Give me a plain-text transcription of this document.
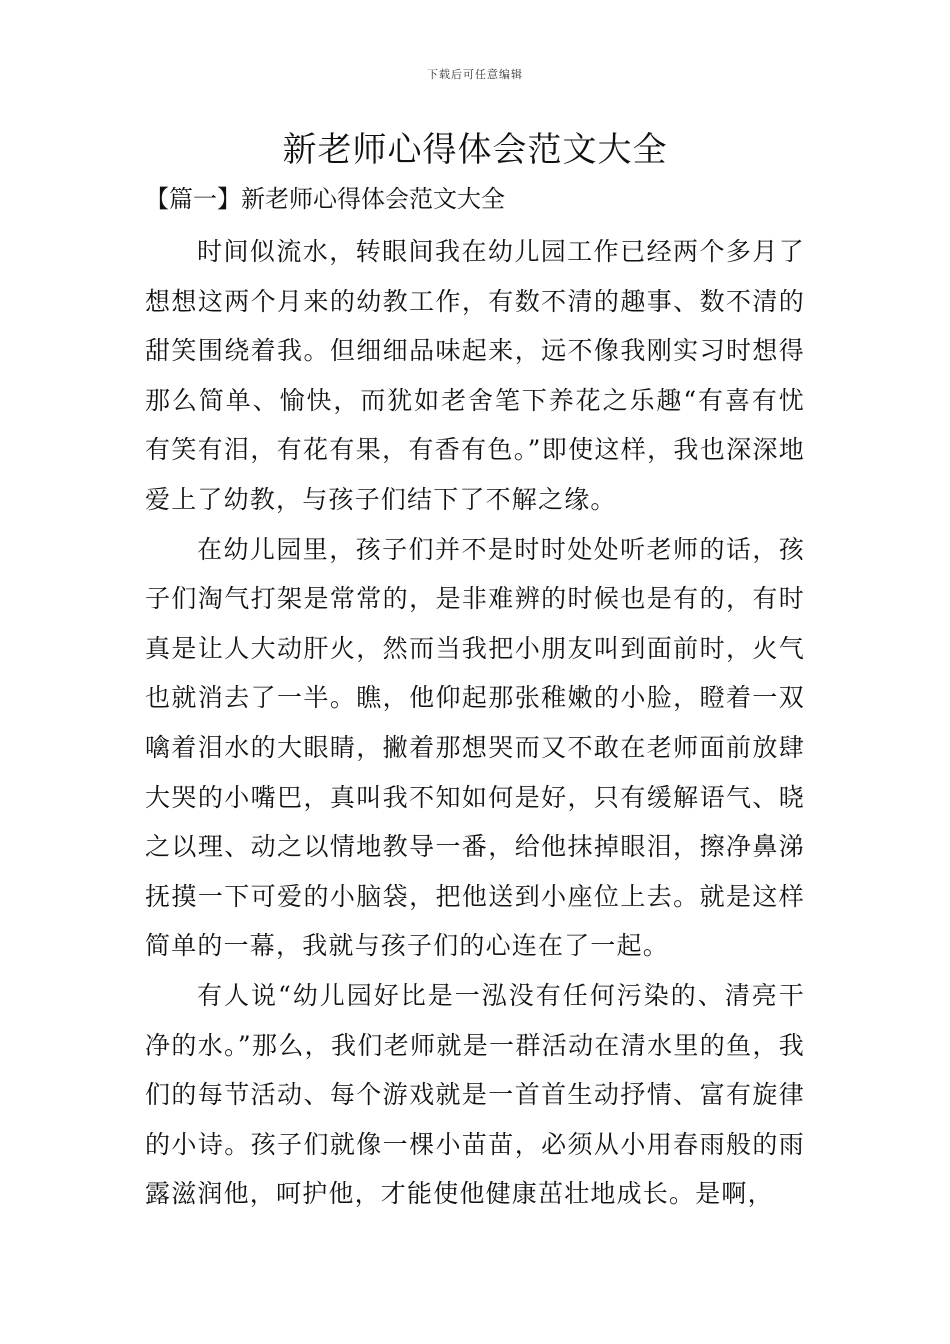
下载后可任意编辑
新老师心得体会范文大全
【篇一】新老师心得体会范文大全

时间似流水，转眼间我在幼儿园工作已经两个多月了想想这两个月来的幼教工作，有数不清的趣事、数不清的甜笑围绕着我。但细细品味起来，远不像我刚实习时想得那么简单、愉快，而犹如老舍笔下养花之乐趣“有喜有忧有笑有泪，有花有果，有香有色。”即使这样，我也深深地爱上了幼教，与孩子们结下了不解之缘。

在幼儿园里，孩子们并不是时时处处听老师的话，孩子们淘气打架是常常的，是非难辨的时候也是有的，有时真是让人大动肝火，然而当我把小朋友叫到面前时，火气也就消去了一半。瞧，他仰起那张稚嫩的小脸，瞪着一双噙着泪水的大眼睛，撇着那想哭而又不敢在老师面前放肆大哭的小嘴巴，真叫我不知如何是好，只有缓解语气、晓之以理、动之以情地教导一番，给他抹掉眼泪，擦净鼻涕抚摸一下可爱的小脑袋，把他送到小座位上去。就是这样简单的一幕，我就与孩子们的心连在了一起。

有人说“幼儿园好比是一泓没有任何污染的、清亮干净的水。”那么，我们老师就是一群活动在清水里的鱼，我们的每节活动、每个游戏就是一首首生动抒情、富有旋律的小诗。孩子们就像一棵小苗苗，必须从小用春雨般的雨露滋润他，呵护他，才能使他健康茁壮地成长。是啊，
